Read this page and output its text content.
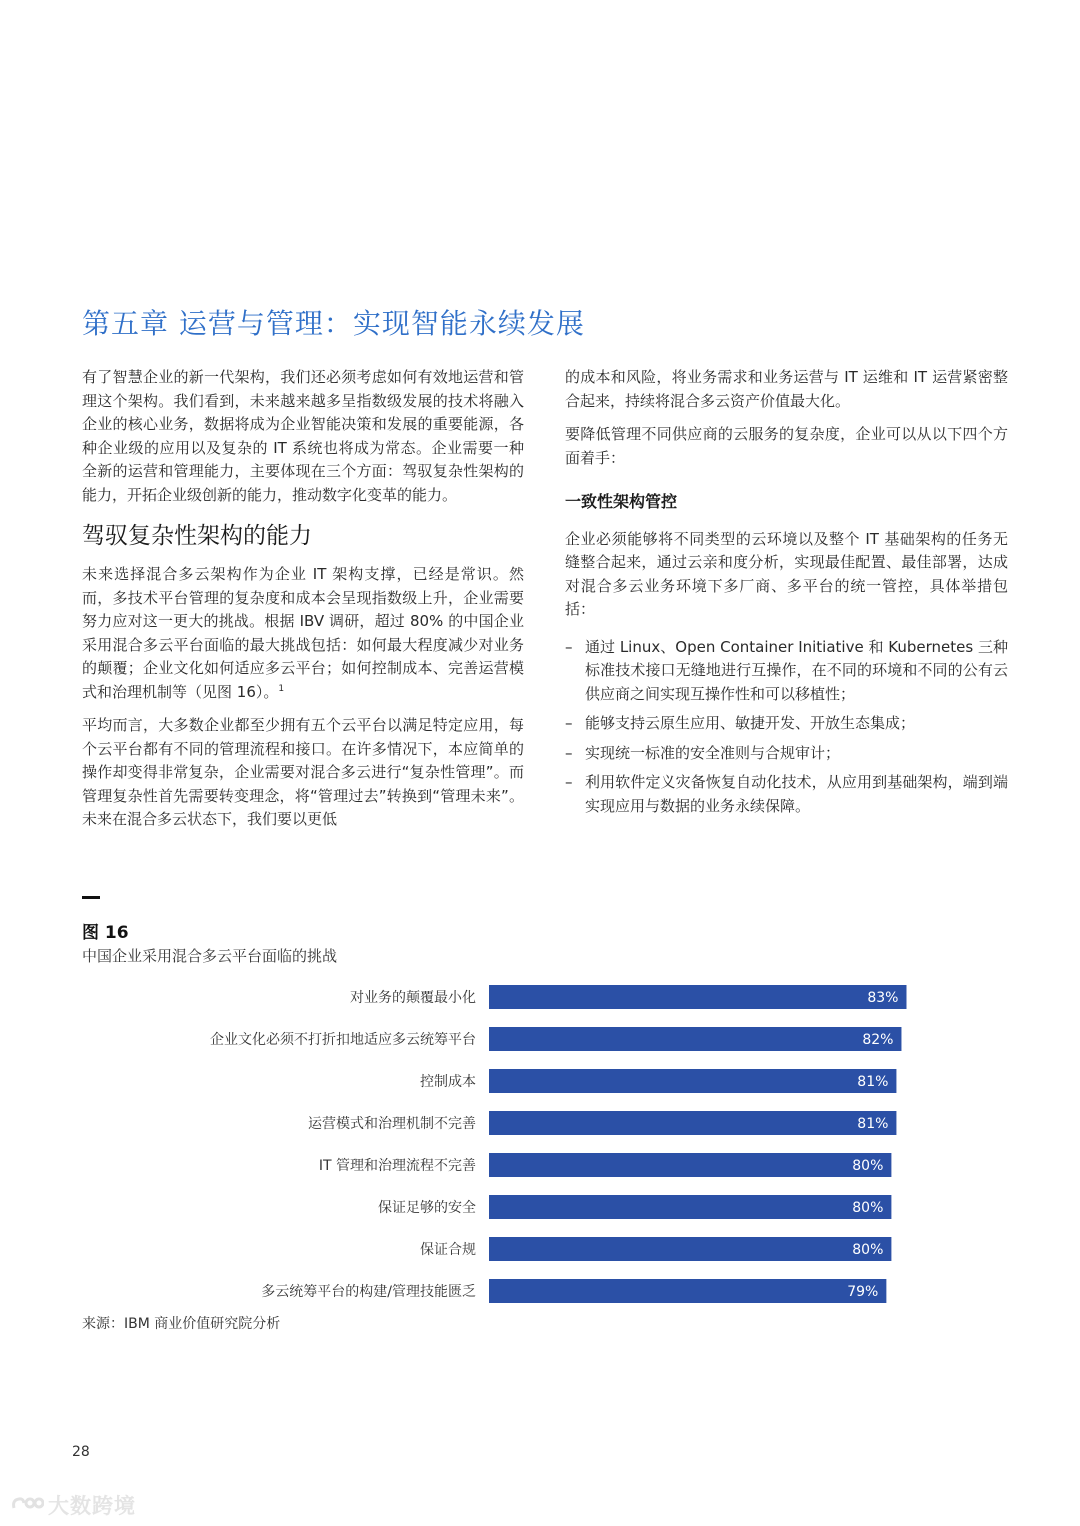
第五章 运营与管理：实现智能永续发展

有了智慧企业的新一代架构，我们还必须考虑如何有效地运营和管理这个架构。我们看到，未来越来越多呈指数级发展的技术将融入企业的核心业务，数据将成为企业智能决策和发展的重要能源，各种企业级的应用以及复杂的 IT 系统也将成为常态。企业需要一种全新的运营和管理能力，主要体现在三个方面：驾驭复杂性架构的能力，开拓企业级创新的能力，推动数字化变革的能力。

驾驭复杂性架构的能力

未来选择混合多云架构作为企业 IT 架构支撑，已经是常识。然而，多技术平台管理的复杂度和成本会呈现指数级上升，企业需要努力应对这一更大的挑战。根据 IBV 调研，超过 80% 的中国企业采用混合多云平台面临的最大挑战包括：如何最大程度减少对业务的颠覆；企业文化如何适应多云平台；如何控制成本、完善运营模式和治理机制等（见图 16）。$^1$

平均而言，大多数企业都至少拥有五个云平台以满足特定应用，每个云平台都有不同的管理流程和接口。在许多情况下，本应简单的操作却变得非常复杂，企业需要对混合多云进行“复杂性管理”。而管理复杂性首先需要转变理念，将“管理过去”转换到“管理未来”。未来在混合多云状态下，我们要以更低

的成本和风险，将业务需求和业务运营与 IT 运维和 IT 运营紧密整合起来，持续将混合多云资产价值最大化。

要降低管理不同供应商的云服务的复杂度，企业可以从以下四个方面着手：

一致性架构管控

企业必须能够将不同类型的云环境以及整个 IT 基础架构的任务无缝整合起来，通过云亲和度分析，实现最佳配置、最佳部署，达成对混合多云业务环境下多厂商、多平台的统一管控，具体举措包括：

– 通过 Linux、Open Container Initiative 和 Kubernetes 三种标准技术接口无缝地进行互操作，在不同的环境和不同的公有云供应商之间实现互操作性和可以移植性；
– 能够支持云原生应用、敏捷开发、开放生态集成；
– 实现统一标准的安全准则与合规审计；
– 利用软件定义灾备恢复自动化技术，从应用到基础架构，端到端实现应用与数据的业务永续保障。
图 16
中国企业采用混合多云平台面临的挑战
对业务的颠覆最小化	83%
企业文化必须不打折扣地适应多云统筹平台	82%
控制成本	81%
运营模式和治理机制不完善	81%
IT 管理和治理流程不完善	80%
保证足够的安全	80%
保证合规	80%
多云统筹平台的构建/管理技能匮乏	79%
来源：IBM 商业价值研究院分析
28
大数跨境
